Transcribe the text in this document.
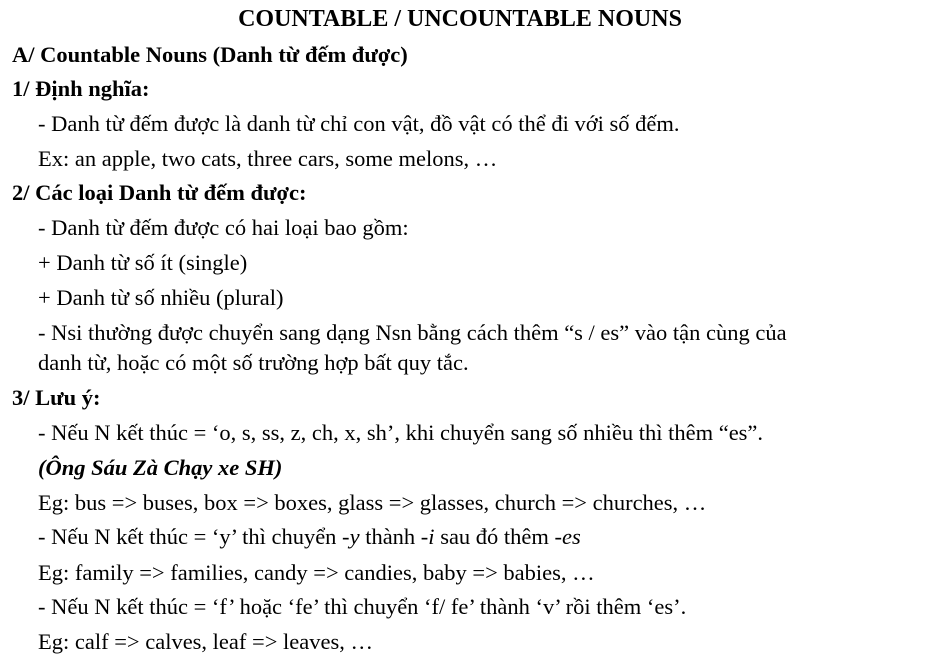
COUNTABLE / UNCOUNTABLE NOUNS
A/ Countable Nouns (Danh từ đếm được)
1/ Định nghĩa:
- Danh từ đếm được là danh từ chỉ con vật, đồ vật có thể đi với số đếm.
Ex: an apple, two cats, three cars, some melons, …
2/ Các loại Danh từ đếm được:
- Danh từ đếm được có hai loại bao gồm:
+ Danh từ số ít (single)
+ Danh từ số nhiều (plural)
- Nsi thường được chuyển sang dạng Nsn bằng cách thêm “s / es” vào tận cùng của
danh từ, hoặc có một số trường hợp bất quy tắc.
3/ Lưu ý:
- Nếu N kết thúc = ‘o, s, ss, z, ch, x, sh’, khi chuyển sang số nhiều thì thêm “es”.
(Ông Sáu Zà Chạy xe SH)
Eg: bus => buses, box => boxes, glass => glasses, church => churches, …
- Nếu N kết thúc = ‘y’ thì chuyển -y thành -i sau đó thêm -es
Eg: family => families, candy => candies, baby => babies, …
- Nếu N kết thúc = ‘f’ hoặc ‘fe’ thì chuyển ‘f/ fe’ thành ‘v’ rồi thêm ‘es’.
Eg: calf => calves, leaf => leaves, …
